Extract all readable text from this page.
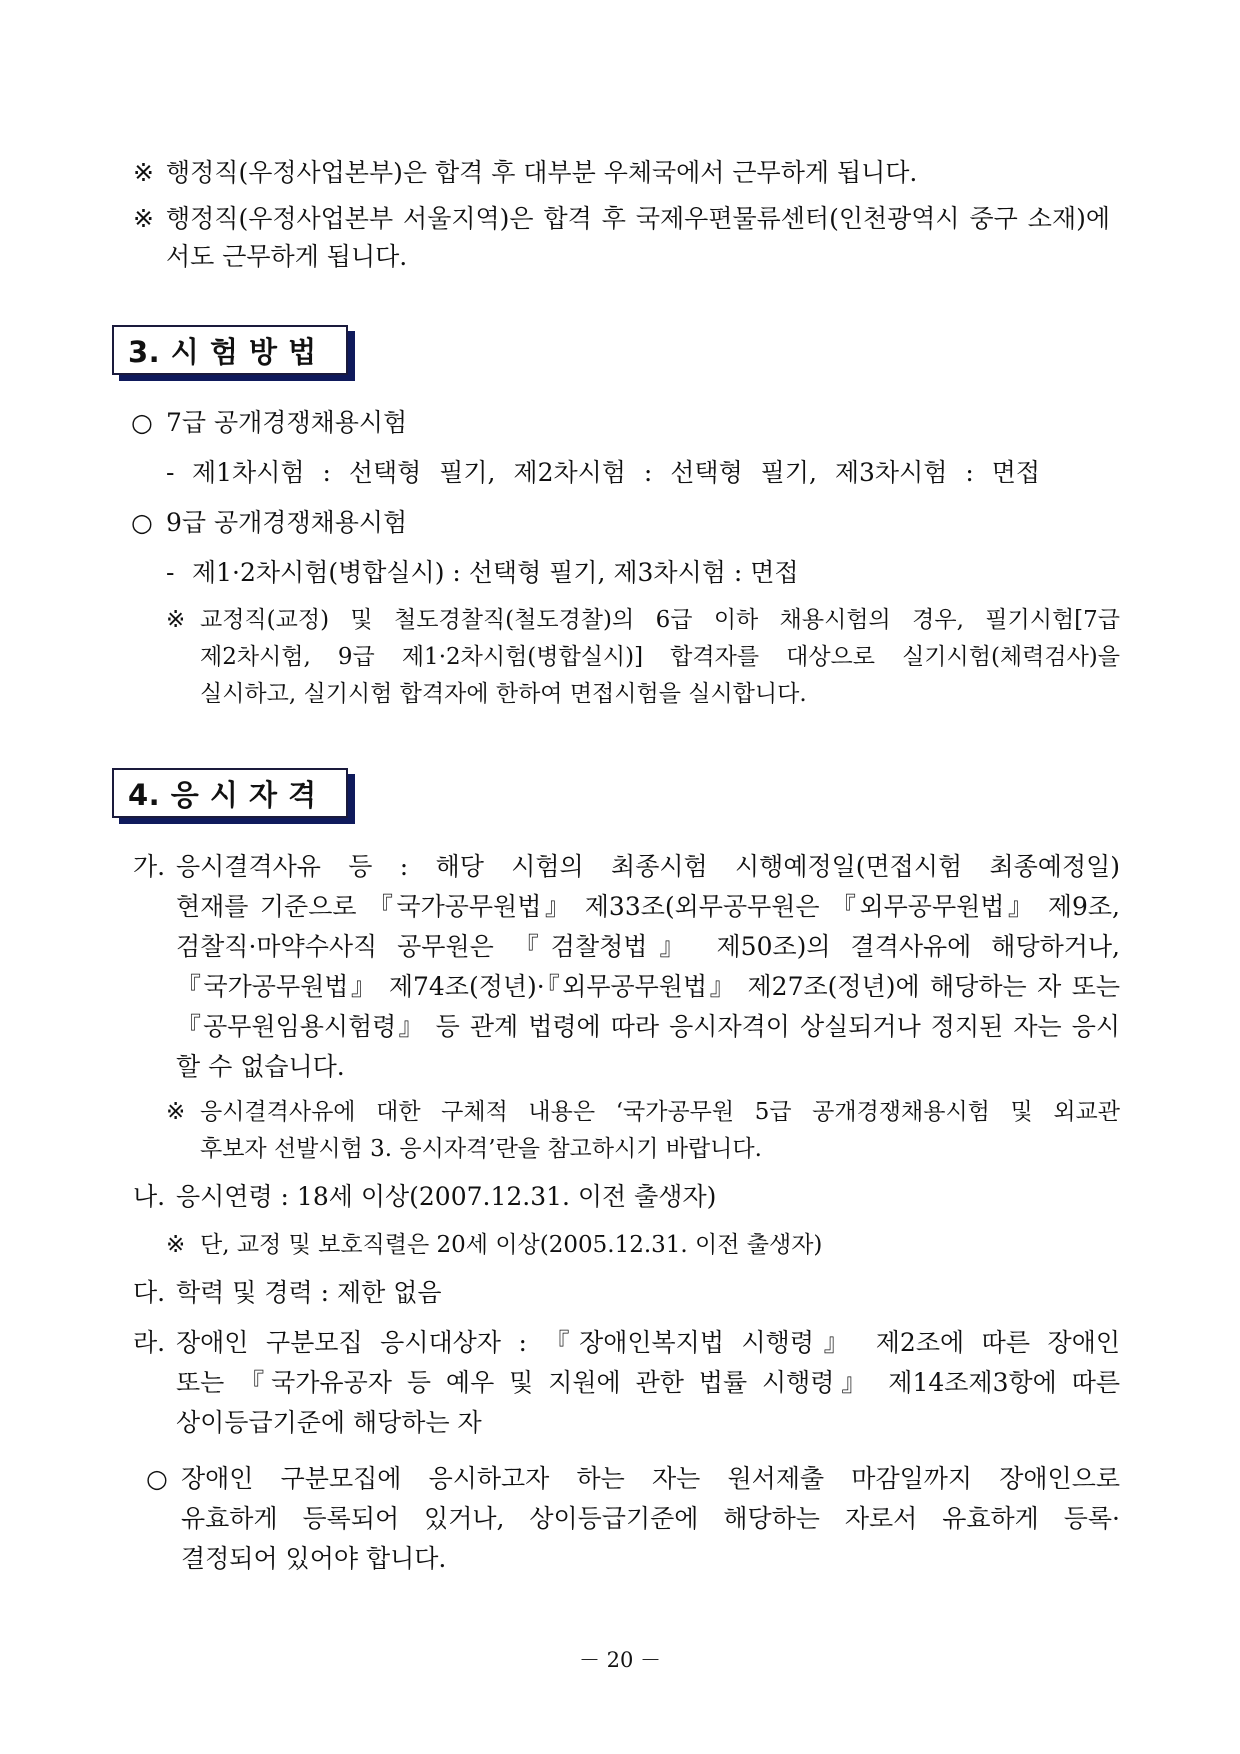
※ 행정직(우정사업본부)은 합격 후 대부분 우체국에서 근무하게 됩니다.
※ 행정직(우정사업본부 서울지역)은 합격 후 국제우편물류센터(인천광역시 중구 소재)에
서도 근무하게 됩니다.
3. 시 험 방 법
○ 7급 공개경쟁채용시험
- 제1차시험 : 선택형 필기, 제2차시험 : 선택형 필기, 제3차시험 : 면접
○ 9급 공개경쟁채용시험
- 제1·2차시험(병합실시) : 선택형 필기, 제3차시험 : 면접
※ 교정직(교정) 및 철도경찰직(철도경찰)의 6급 이하 채용시험의 경우, 필기시험[7급
제2차시험, 9급 제1·2차시험(병합실시)] 합격자를 대상으로 실기시험(체력검사)을
실시하고, 실기시험 합격자에 한하여 면접시험을 실시합니다.
4. 응 시 자 격
가. 응시결격사유 등 : 해당 시험의 최종시험 시행예정일(면접시험 최종예정일)
현재를 기준으로 『국가공무원법』 제33조(외무공무원은 『외무공무원법』 제9조,
검찰직·마약수사직 공무원은 『검찰청법』 제50조)의 결격사유에 해당하거나,
『국가공무원법』 제74조(정년)·『외무공무원법』 제27조(정년)에 해당하는 자 또는
『공무원임용시험령』 등 관계 법령에 따라 응시자격이 상실되거나 정지된 자는 응시
할 수 없습니다.
※ 응시결격사유에 대한 구체적 내용은 ‘국가공무원 5급 공개경쟁채용시험 및 외교관
후보자 선발시험 3. 응시자격’란을 참고하시기 바랍니다.
나. 응시연령 : 18세 이상(2007.12.31. 이전 출생자)
※ 단, 교정 및 보호직렬은 20세 이상(2005.12.31. 이전 출생자)
다. 학력 및 경력 : 제한 없음
라. 장애인 구분모집 응시대상자 : 『장애인복지법 시행령』 제2조에 따른 장애인
또는 『국가유공자 등 예우 및 지원에 관한 법률 시행령』 제14조제3항에 따른
상이등급기준에 해당하는 자
○ 장애인 구분모집에 응시하고자 하는 자는 원서제출 마감일까지 장애인으로
유효하게 등록되어 있거나, 상이등급기준에 해당하는 자로서 유효하게 등록·
결정되어 있어야 합니다.
－ 20 －
